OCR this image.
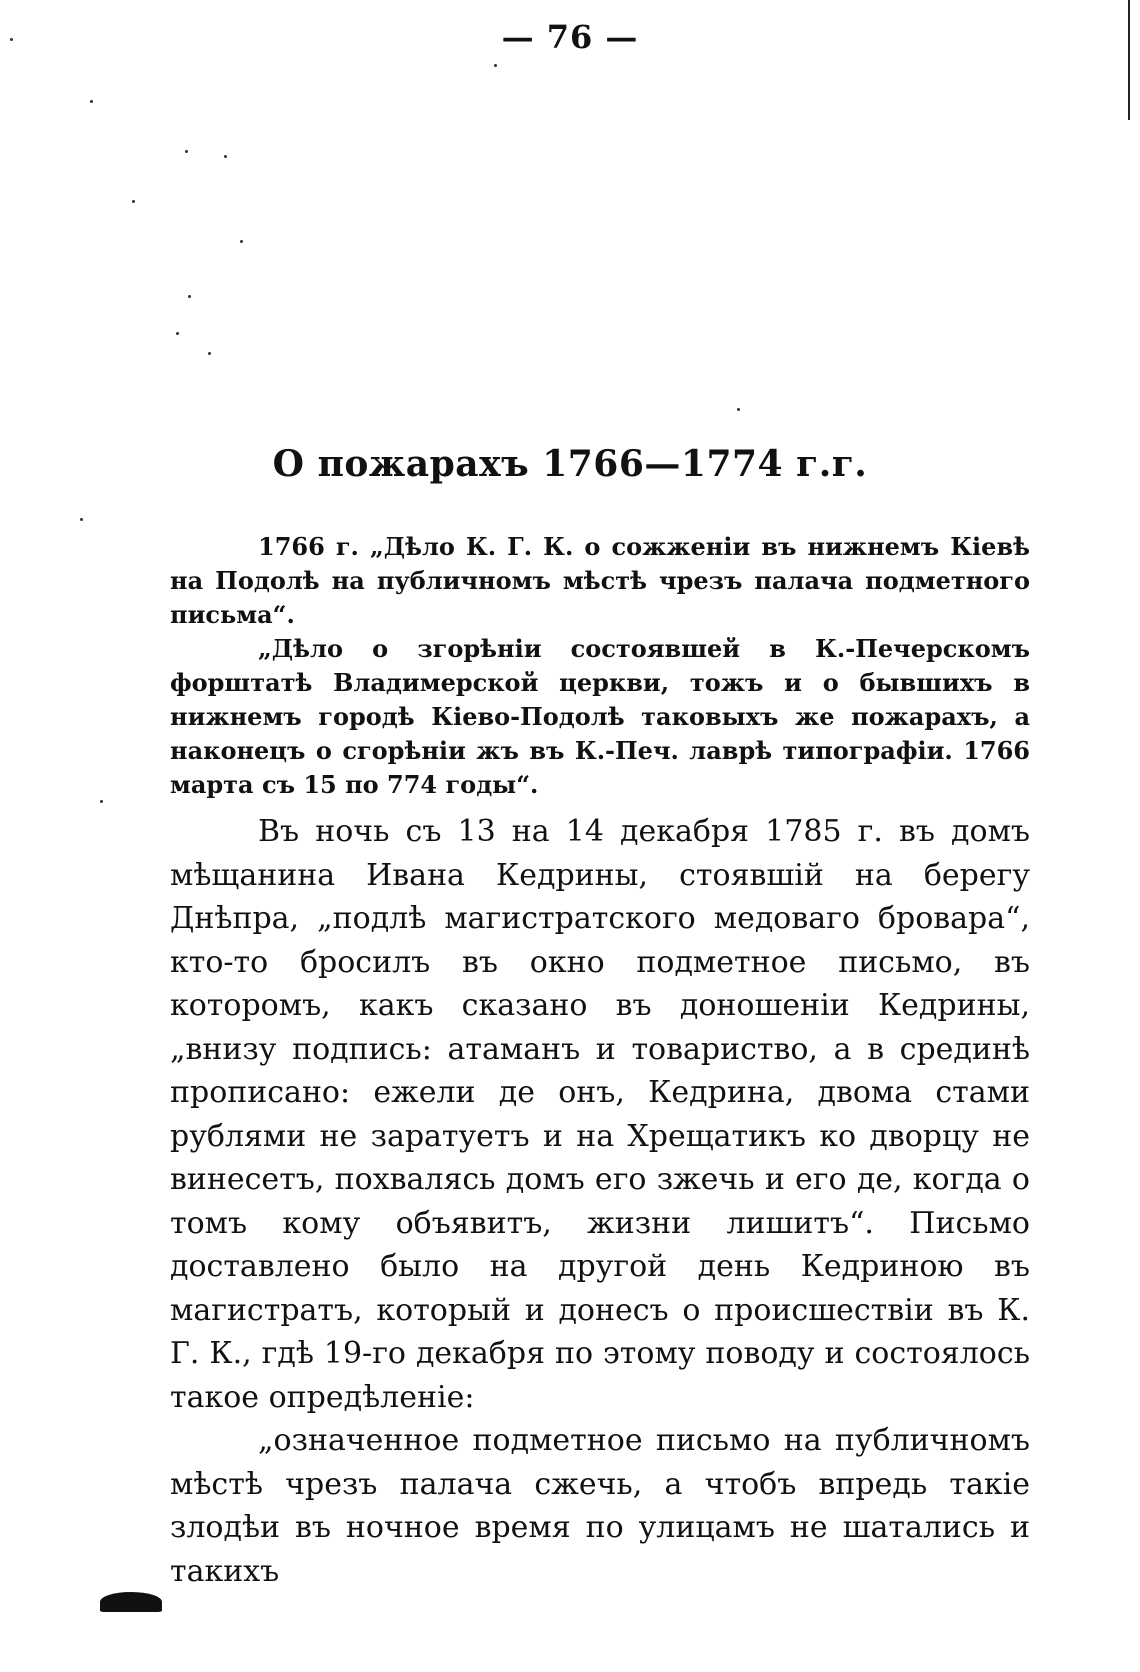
— 76 —
О пожарахъ 1766—1774 г.г.

1766 г. „Дѣло К. Г. К. о сожженіи въ нижнемъ Кіевѣ на Подолѣ на публичномъ мѣстѣ чрезъ палача подметного письма“.

„Дѣло о згорѣніи состоявшей в К.-Печерскомъ форштатѣ Владимерской церкви, тожъ и о бывшихъ в нижнемъ городѣ Кіево-Подолѣ таковыхъ же пожарахъ, а наконецъ о сгорѣніи жъ въ К.-Печ. лаврѣ типографіи. 1766 марта съ 15 по 774 годы“.

Въ ночь съ 13 на 14 декабря 1785 г. въ домъ мѣщанина Ивана Кедрины, стоявшій на берегу Днѣпра, „подлѣ магистратского медоваго бровара“, кто-то бросилъ въ окно подметное письмо, въ которомъ, какъ сказано въ доношеніи Кедрины, „внизу подпись: атаманъ и товариство, а в срединѣ прописано: ежели де онъ, Кедрина, двома стами рублями не заратуетъ и на Хрещатикъ ко дворцу не винесетъ, похвалясь домъ его зжечь и его де, когда о томъ кому объявитъ, жизни лишитъ“. Письмо доставлено было на другой день Кедриною въ магистратъ, который и донесъ о происшествіи въ К. Г. К., гдѣ 19-го декабря по этому поводу и состоялось такое опредѣленіе:

„означенное подметное письмо на публичномъ мѣстѣ чрезъ палача сжечь, а чтобъ впредь такіе злодѣи въ ночное время по улицамъ не шатались и такихъ
